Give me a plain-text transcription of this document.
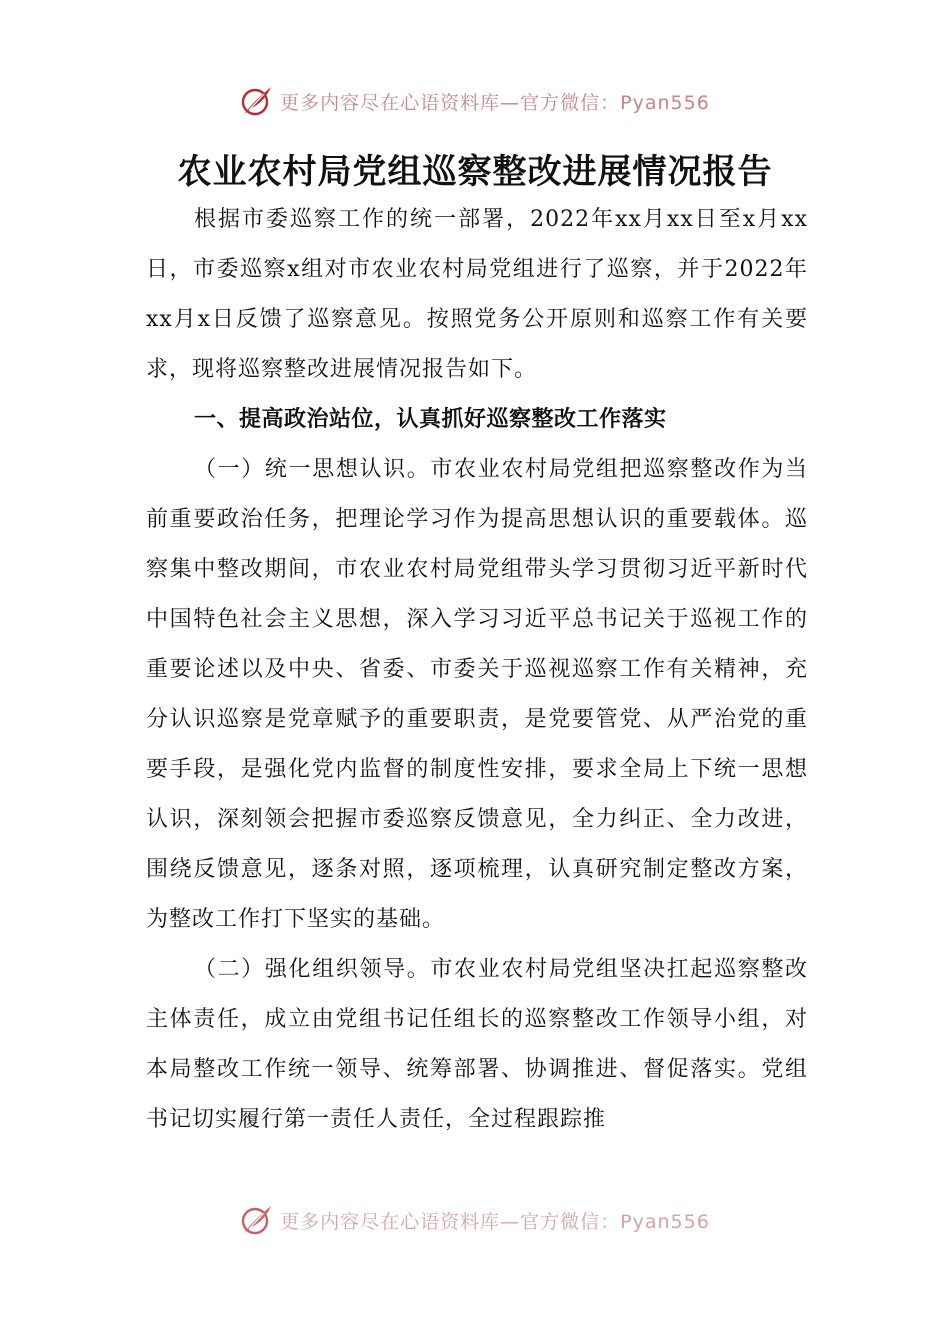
更多内容尽在心语资料库—官方微信：Pyan556
农业农村局党组巡察整改进展情况报告

根据市委巡察工作的统一部署，2022年xx月xx日至x月xx日，市委巡察x组对市农业农村局党组进行了巡察，并于2022年xx月x日反馈了巡察意见。按照党务公开原则和巡察工作有关要求，现将巡察整改进展情况报告如下。

一、提高政治站位，认真抓好巡察整改工作落实

（一）统一思想认识。市农业农村局党组把巡察整改作为当前重要政治任务，把理论学习作为提高思想认识的重要载体。巡察集中整改期间，市农业农村局党组带头学习贯彻习近平新时代中国特色社会主义思想，深入学习习近平总书记关于巡视工作的重要论述以及中央、省委、市委关于巡视巡察工作有关精神，充分认识巡察是党章赋予的重要职责，是党要管党、从严治党的重要手段，是强化党内监督的制度性安排，要求全局上下统一思想认识，深刻领会把握市委巡察反馈意见，全力纠正、全力改进，围绕反馈意见，逐条对照，逐项梳理，认真研究制定整改方案，为整改工作打下坚实的基础。

（二）强化组织领导。市农业农村局党组坚决扛起巡察整改主体责任，成立由党组书记任组长的巡察整改工作领导小组，对本局整改工作统一领导、统筹部署、协调推进、督促落实。党组书记切实履行第一责任人责任，全过程跟踪推

更多内容尽在心语资料库—官方微信：Pyan556
